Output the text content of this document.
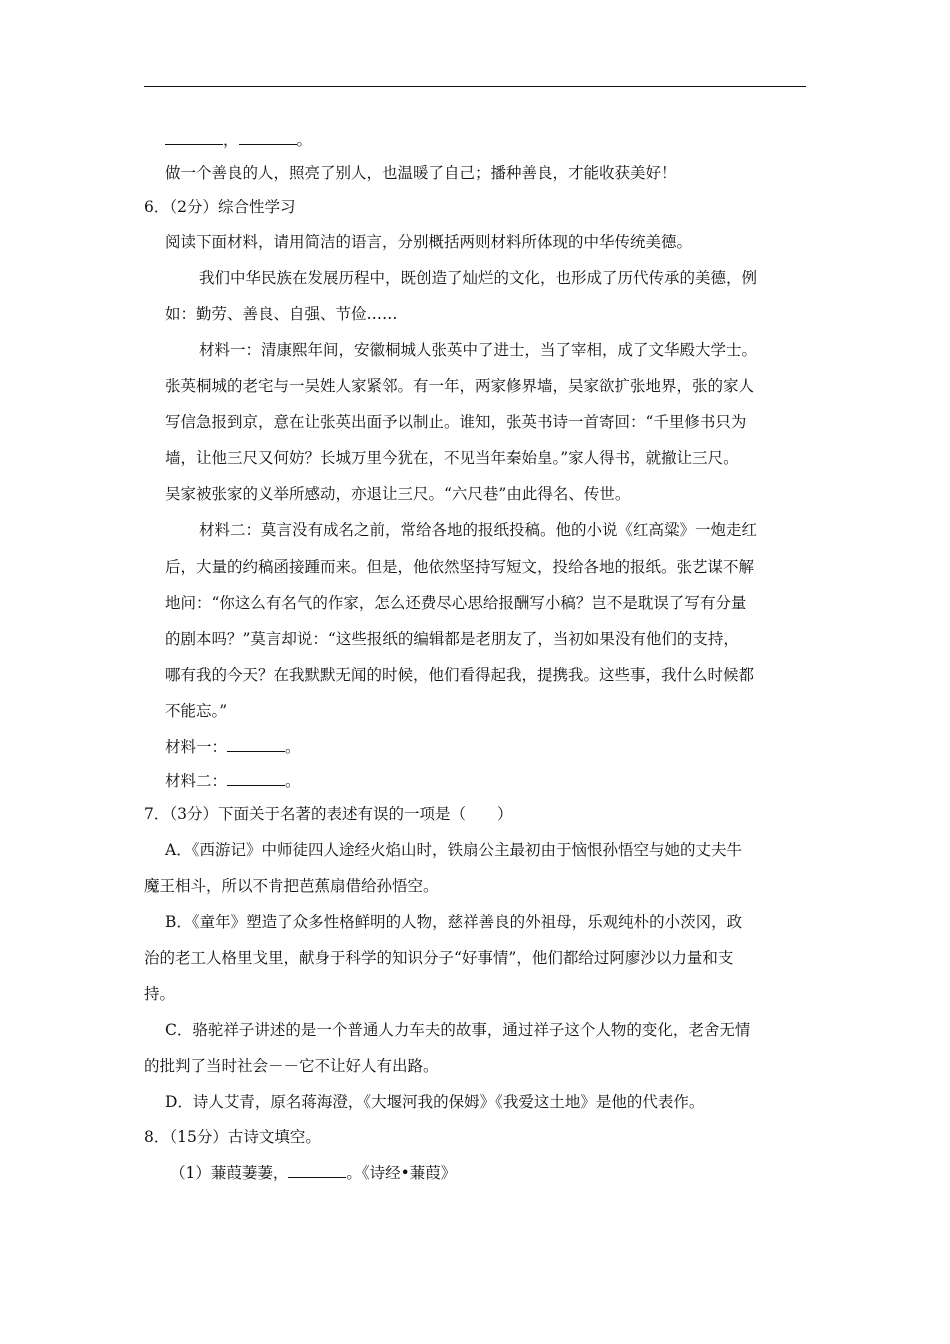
，	。
做一个善良的人，照亮了别人，也温暖了自己；播种善良，才能收获美好！
6．（2分）综合性学习
阅读下面材料，请用简洁的语言，分别概括两则材料所体现的中华传统美德。
我们中华民族在发展历程中，既创造了灿烂的文化，也形成了历代传承的美德，例
如：勤劳、善良、自强、节俭……
材料一：清康熙年间，安徽桐城人张英中了进士，当了宰相，成了文华殿大学士。
张英桐城的老宅与一吴姓人家紧邻。有一年，两家修界墙，吴家欲扩张地界，张的家人
写信急报到京，意在让张英出面予以制止。谁知，张英书诗一首寄回：“千里修书只为
墙，让他三尺又何妨？长城万里今犹在，不见当年秦始皇。”家人得书，就撤让三尺。
吴家被张家的义举所感动，亦退让三尺。“六尺巷”由此得名、传世。
材料二：莫言没有成名之前，常给各地的报纸投稿。他的小说《红高粱》一炮走红
后，大量的约稿函接踵而来。但是，他依然坚持写短文，投给各地的报纸。张艺谋不解
地问：“你这么有名气的作家，怎么还费尽心思给报酬写小稿？岂不是耽误了写有分量
的剧本吗？”莫言却说：“这些报纸的编辑都是老朋友了，当初如果没有他们的支持，
哪有我的今天？在我默默无闻的时候，他们看得起我，提携我。这些事，我什么时候都
不能忘。”
材料一：	。
材料二：	。
7．（3分）下面关于名著的表述有误的一项是（　　）
A．《西游记》中师徒四人途经火焰山时，铁扇公主最初由于恼恨孙悟空与她的丈夫牛
魔王相斗，所以不肯把芭蕉扇借给孙悟空。
B．《童年》塑造了众多性格鲜明的人物，慈祥善良的外祖母，乐观纯朴的小茨冈，政
治的老工人格里戈里，献身于科学的知识分子“好事情”，他们都给过阿廖沙以力量和支
持。
C．骆驼祥子讲述的是一个普通人力车夫的故事，通过祥子这个人物的变化，老舍无情
的批判了当时社会－－它不让好人有出路。
D．诗人艾青，原名蒋海澄，《大堰河我的保姆》《我爱这土地》是他的代表作。
8．（15分）古诗文填空。
（1）蒹葭萋萋，	。《诗经•蒹葭》
